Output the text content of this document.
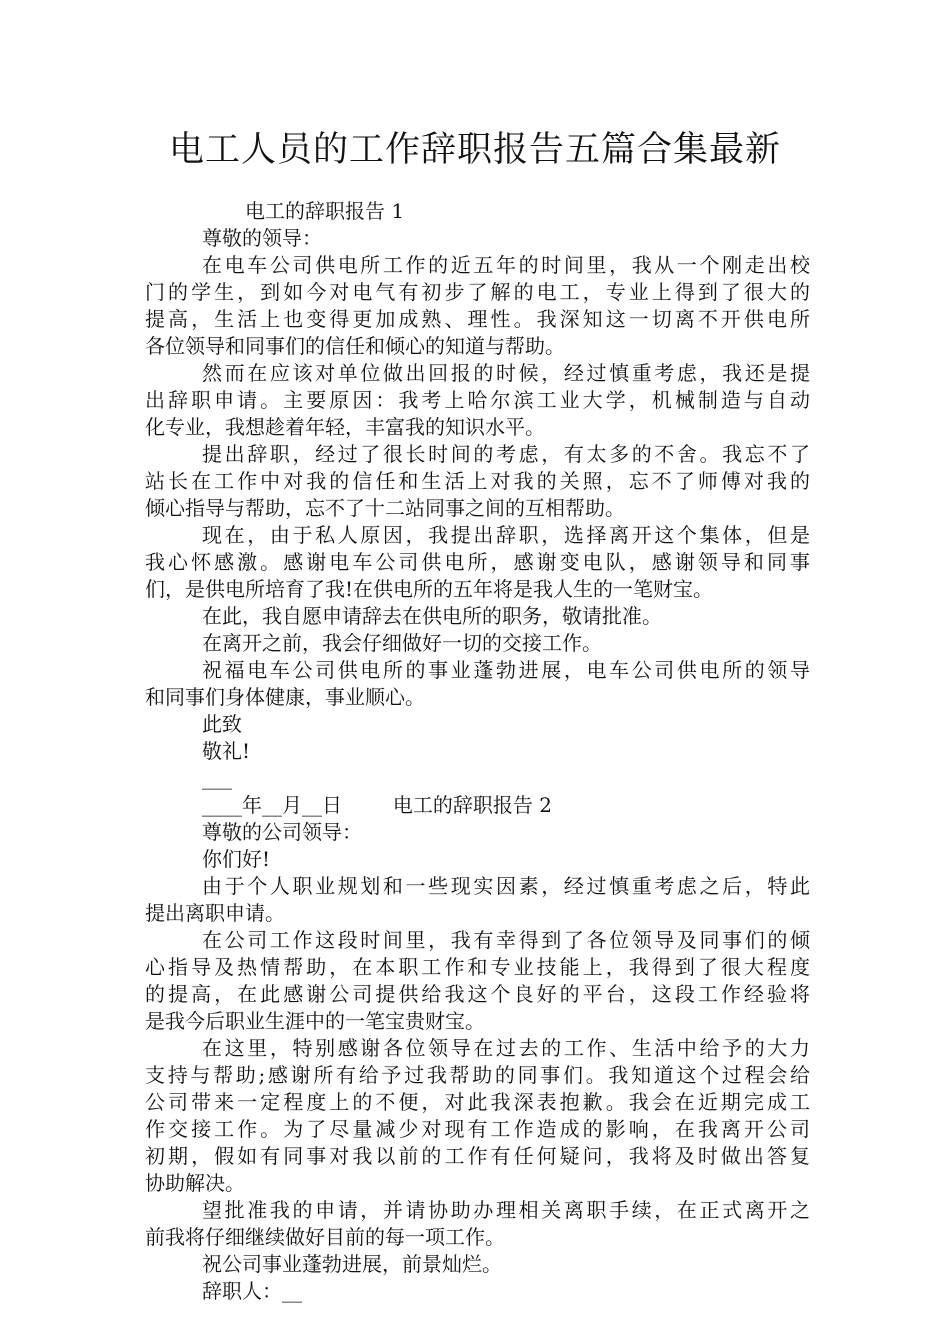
电工人员的工作辞职报告五篇合集最新
电工的辞职报告 1
尊敬的领导：
在电车公司供电所工作的近五年的时间里，我从一个刚走出校
门的学生，到如今对电气有初步了解的电工，专业上得到了很大的
提高，生活上也变得更加成熟、理性。我深知这一切离不开供电所
各位领导和同事们的信任和倾心的知道与帮助。
然而在应该对单位做出回报的时候，经过慎重考虑，我还是提
出辞职申请。主要原因：我考上哈尔滨工业大学，机械制造与自动
化专业，我想趁着年轻，丰富我的知识水平。
提出辞职，经过了很长时间的考虑，有太多的不舍。我忘不了
站长在工作中对我的信任和生活上对我的关照，忘不了师傅对我的
倾心指导与帮助，忘不了十二站同事之间的互相帮助。
现在，由于私人原因，我提出辞职，选择离开这个集体，但是
我心怀感激。感谢电车公司供电所，感谢变电队，感谢领导和同事
们，是供电所培育了我!在供电所的五年将是我人生的一笔财宝。
在此，我自愿申请辞去在供电所的职务，敬请批准。
在离开之前，我会仔细做好一切的交接工作。
祝福电车公司供电所的事业蓬勃进展，电车公司供电所的领导
和同事们身体健康，事业顺心。
此致
敬礼!
___
____年__月__日        电工的辞职报告 2
尊敬的公司领导：
你们好!
由于个人职业规划和一些现实因素，经过慎重考虑之后，特此
提出离职申请。
在公司工作这段时间里，我有幸得到了各位领导及同事们的倾
心指导及热情帮助，在本职工作和专业技能上，我得到了很大程度
的提高，在此感谢公司提供给我这个良好的平台，这段工作经验将
是我今后职业生涯中的一笔宝贵财宝。
在这里，特别感谢各位领导在过去的工作、生活中给予的大力
支持与帮助;感谢所有给予过我帮助的同事们。我知道这个过程会给
公司带来一定程度上的不便，对此我深表抱歉。我会在近期完成工
作交接工作。为了尽量减少对现有工作造成的影响，在我离开公司
初期，假如有同事对我以前的工作有任何疑问，我将及时做出答复
协助解决。
望批准我的申请，并请协助办理相关离职手续，在正式离开之
前我将仔细继续做好目前的每一项工作。
祝公司事业蓬勃进展，前景灿烂。
辞职人：__
